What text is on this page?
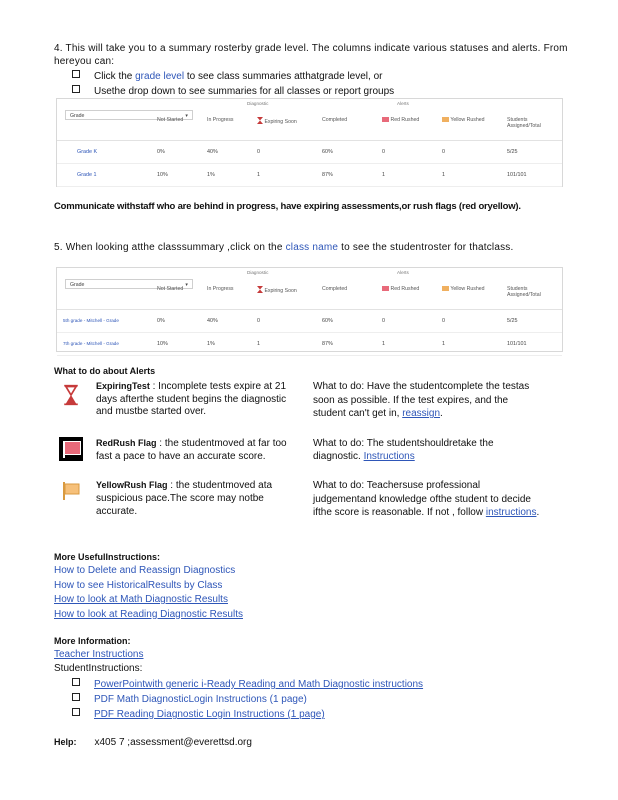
4. This will take you to a summary rosterby grade level. The columns indicate various statuses and alerts. From hereyou can:
Click the grade level to see class summaries atthatgrade level, or
Usethe drop down to see summaries for all classes or report groups
Grade	▾
Diagnostic	Alerts
Not Started	In Progress	Expiring Soon	Completed	Red Rushed	Yellow Rushed	Students Assigned/Total
Grade K	0%	40%	0	60%	0	0	5/25
Grade 1	10%	1%	1	87%	1	1	101/101
Communicate withstaff who are behind in progress, have expiring assessments,or rush flags (red oryellow).
5. When looking atthe classsummary ,click on the class name to see the studentroster for thatclass.
Grade	▾
Diagnostic	Alerts
Not Started	In Progress	Expiring Soon	Completed	Red Rushed	Yellow Rushed	Students Assigned/Total
5th grade - Mitchell - Grade	0%	40%	0	60%	0	0	5/25
7th grade - Mitchell - Grade	10%	1%	1	87%	1	1	101/101
What to do about Alerts
ExpiringTest : Incomplete tests expire at 21 days afterthe student begins the diagnostic and mustbe started over.
What to do: Have the studentcomplete the testas soon as possible. If the test expires, and the student can't get in, reassign.
RedRush Flag : the studentmoved at far too fast a pace to have an accurate score.
What to do: The studentshouldretake the diagnostic. Instructions
YellowRush Flag : the studentmoved ata suspicious pace.The score may notbe accurate.
What to do: Teachersuse professional judgementand knowledge ofthe student to decide ifthe score is reasonable. If not , follow instructions.
More UsefulInstructions:
How to Delete and Reassign Diagnostics
How to see HistoricalResults by Class
How to look at Math Diagnostic Results
How to look at Reading Diagnostic Results
More Information:
Teacher Instructions
StudentInstructions:
PowerPointwith generic i-Ready Reading and Math Diagnostic instructions
PDF Math DiagnosticLogin Instructions (1 page)
PDF Reading Diagnostic Login Instructions (1 page)
Help: x405 7 ;assessment@everettsd.org
